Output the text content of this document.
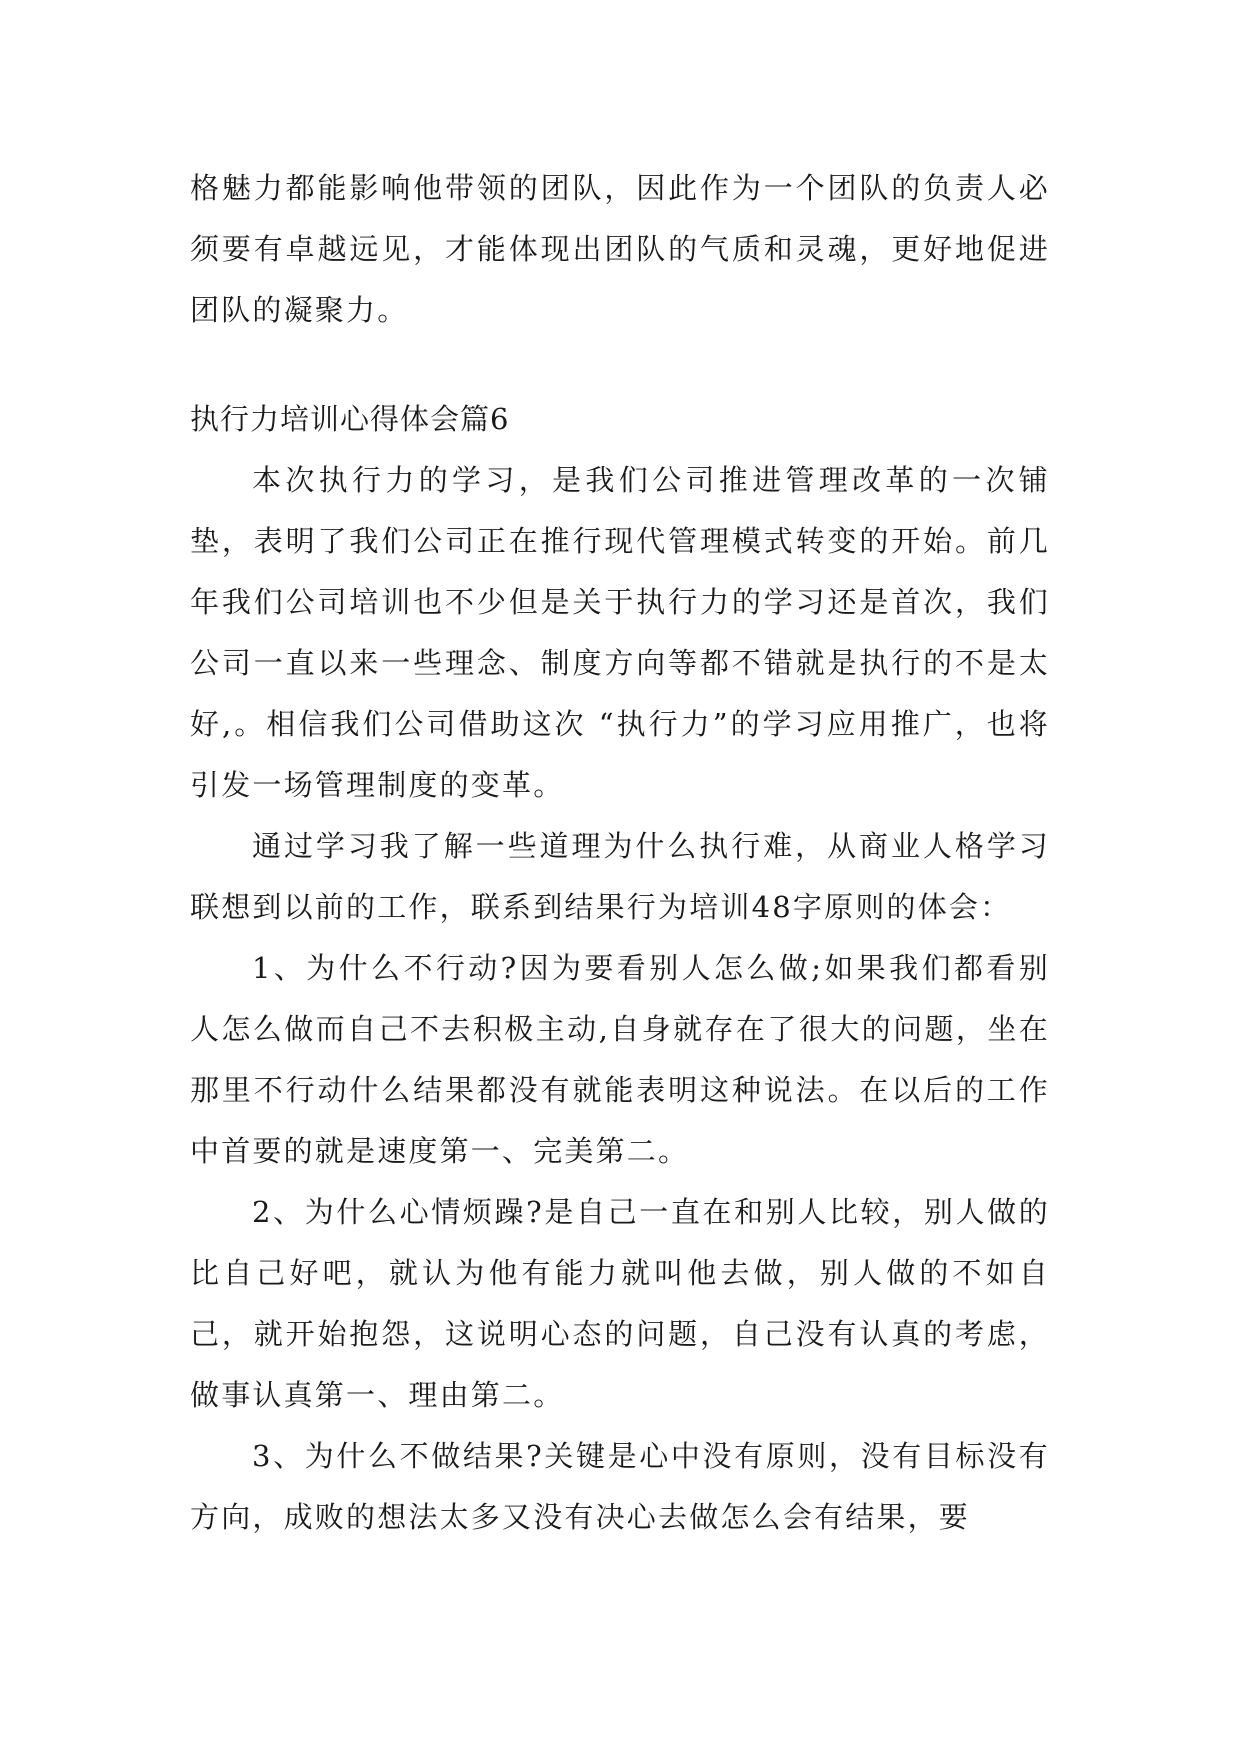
格魅力都能影响他带领的团队，因此作为一个团队的负责人必须要有卓越远见，才能体现出团队的气质和灵魂，更好地促进团队的凝聚力。

执行力培训心得体会篇6

本次执行力的学习，是我们公司推进管理改革的一次铺垫，表明了我们公司正在推行现代管理模式转变的开始。前几年我们公司培训也不少但是关于执行力的学习还是首次，我们公司一直以来一些理念、制度方向等都不错就是执行的不是太好,。相信我们公司借助这次 “执行力”的学习应用推广，也将引发一场管理制度的变革。

通过学习我了解一些道理为什么执行难，从商业人格学习联想到以前的工作，联系到结果行为培训48字原则的体会：

1、为什么不行动?因为要看别人怎么做;如果我们都看别人怎么做而自己不去积极主动,自身就存在了很大的问题，坐在那里不行动什么结果都没有就能表明这种说法。在以后的工作中首要的就是速度第一、完美第二。

2、为什么心情烦躁?是自己一直在和别人比较，别人做的比自己好吧，就认为他有能力就叫他去做，别人做的不如自己，就开始抱怨，这说明心态的问题，自己没有认真的考虑，做事认真第一、理由第二。

3、为什么不做结果?关键是心中没有原则，没有目标没有方向，成败的想法太多又没有决心去做怎么会有结果，要
